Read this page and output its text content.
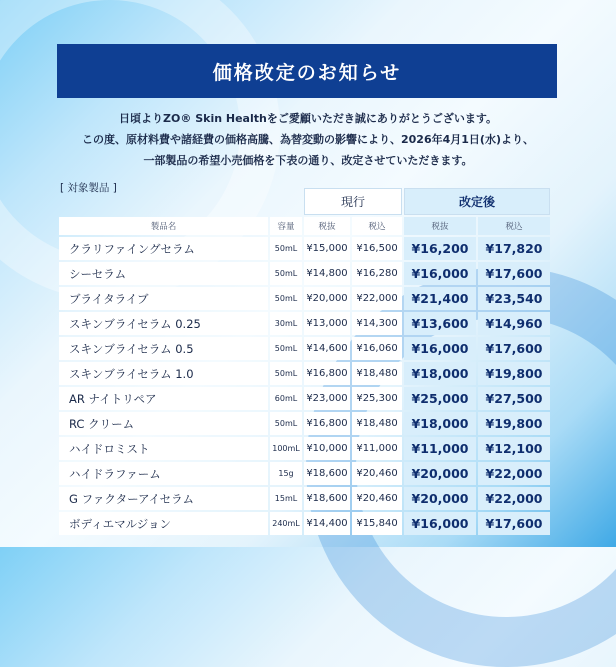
価格改定のお知らせ
日頃よりZO® Skin Healthをご愛顧いただき誠にありがとうございます。
この度、原材料費や諸経費の価格高騰、為替変動の影響により、2026年4月1日(水)より、
一部製品の希望小売価格を下表の通り、改定させていただきます。
[ 対象製品 ]
		現行		改定後	
製品名	容量	税抜	税込	税抜	税込
クラリファイングセラム	50mL	¥15,000	¥16,500	¥16,200	¥17,820
シーセラム	50mL	¥14,800	¥16,280	¥16,000	¥17,600
ブライタライブ	50mL	¥20,000	¥22,000	¥21,400	¥23,540
スキンブライセラム 0.25	30mL	¥13,000	¥14,300	¥13,600	¥14,960
スキンブライセラム 0.5	50mL	¥14,600	¥16,060	¥16,000	¥17,600
スキンブライセラム 1.0	50mL	¥16,800	¥18,480	¥18,000	¥19,800
AR ナイトリペア	60mL	¥23,000	¥25,300	¥25,000	¥27,500
RC クリーム	50mL	¥16,800	¥18,480	¥18,000	¥19,800
ハイドロミスト	100mL	¥10,000	¥11,000	¥11,000	¥12,100
ハイドラファーム	15g	¥18,600	¥20,460	¥20,000	¥22,000
G ファクターアイセラム	15mL	¥18,600	¥20,460	¥20,000	¥22,000
ボディエマルジョン	240mL	¥14,400	¥15,840	¥16,000	¥17,600
